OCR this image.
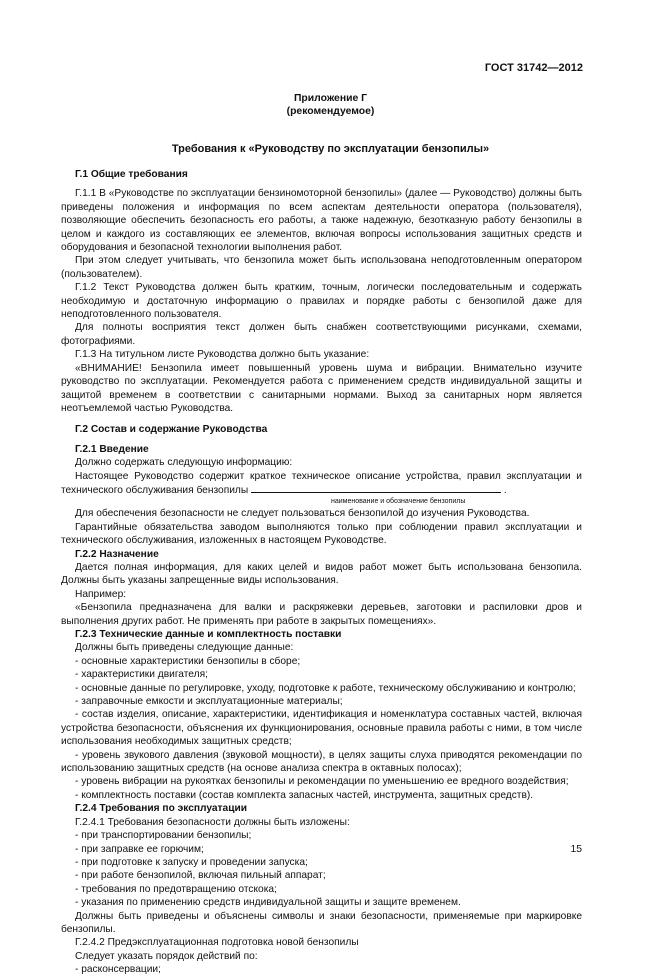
ГОСТ 31742—2012
Приложение Г
(рекомендуемое)
Требования к «Руководству по эксплуатации бензопилы»

Г.1 Общие требования

Г.1.1 В «Руководстве по эксплуатации бензиномоторной бензопилы» (далее — Руководство) должны быть приведены положения и информация по всем аспектам деятельности оператора (пользователя), позволяющие обеспечить безопасность его работы, а также надежную, безотказную работу бензопилы в целом и каждого из составляющих ее элементов, включая вопросы использования защитных средств и оборудования и безопасной технологии выполнения работ.

При этом следует учитывать, что бензопила может быть использована неподготовленным оператором (пользователем).

Г.1.2 Текст Руководства должен быть кратким, точным, логически последовательным и содержать необходимую и достаточную информацию о правилах и порядке работы с бензопилой даже для неподготовленного пользователя.

Для полноты восприятия текст должен быть снабжен соответствующими рисунками, схемами, фотографиями.

Г.1.3 На титульном листе Руководства должно быть указание:

«ВНИМАНИЕ! Бензопила имеет повышенный уровень шума и вибрации. Внимательно изучите руководство по эксплуатации. Рекомендуется работа с применением средств индивидуальной защиты и защитой временем в соответствии с санитарными нормами. Выход за санитарных норм является неотъемлемой частью Руководства.

Г.2 Состав и содержание Руководства

Г.2.1 Введение

Должно содержать следующую информацию:

Настоящее Руководство содержит краткое техническое описание устройства, правил эксплуатации и технического обслуживания бензопилы	.

наименование и обозначение бензопилы

Для обеспечения безопасности не следует пользоваться бензопилой до изучения Руководства.

Гарантийные обязательства заводом выполняются только при соблюдении правил эксплуатации и технического обслуживания, изложенных в настоящем Руководстве.

Г.2.2 Назначение

Дается полная информация, для каких целей и видов работ может быть использована бензопила. Должны быть указаны запрещенные виды использования.

Например:

«Бензопила предназначена для валки и раскряжевки деревьев, заготовки и распиловки дров и выполнения других работ. Не применять при работе в закрытых помещениях».

Г.2.3 Технические данные и комплектность поставки

Должны быть приведены следующие данные:

- основные характеристики бензопилы в сборе;

- характеристики двигателя;

- основные данные по регулировке, уходу, подготовке к работе, техническому обслуживанию и контролю;

- заправочные емкости и эксплуатационные материалы;

- состав изделия, описание, характеристики, идентификация и номенклатура составных частей, включая устройства безопасности, объяснения их функционирования, основные правила работы с ними, в том числе использования необходимых защитных средств;

- уровень звукового давления (звуковой мощности), в целях защиты слуха приводятся рекомендации по использованию защитных средств (на основе анализа спектра в октавных полосах);

- уровень вибрации на рукоятках бензопилы и рекомендации по уменьшению ее вредного воздействия;

- комплектность поставки (состав комплекта запасных частей, инструмента, защитных средств).

Г.2.4 Требования по эксплуатации

Г.2.4.1 Требования безопасности должны быть изложены:

- при транспортировании бензопилы;

- при заправке ее горючим;

- при подготовке к запуску и проведении запуска;

- при работе бензопилой, включая пильный аппарат;

- требования по предотвращению отскока;

- указания по применению средств индивидуальной защиты и защите временем.

Должны быть приведены и объяснены символы и знаки безопасности, применяемые при маркировке бензопилы.

Г.2.4.2 Предэксплуатационная подготовка новой бензопилы

Следует указать порядок действий по:

- расконсервации;

15
